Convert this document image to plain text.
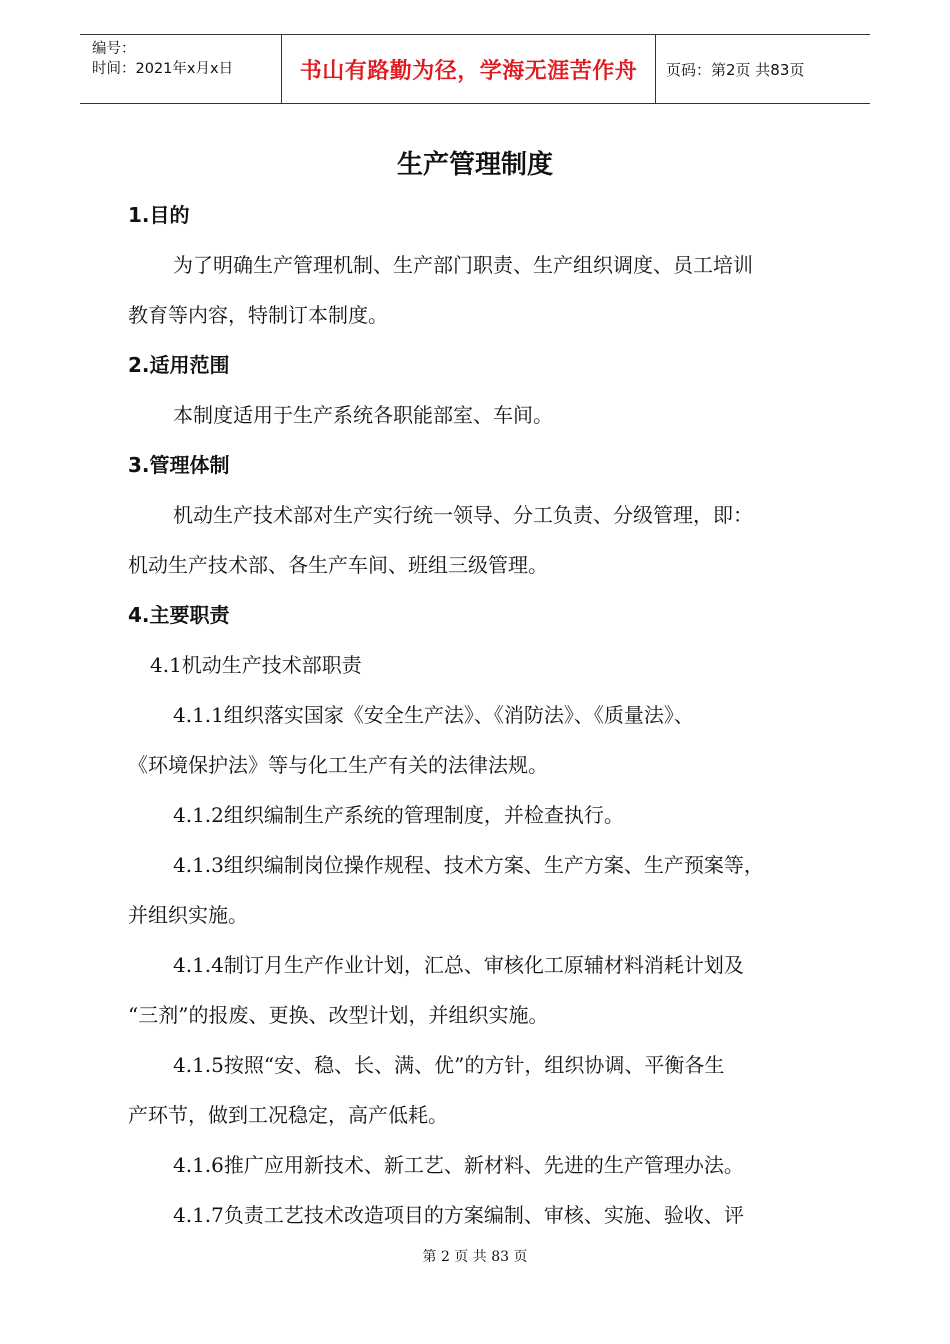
编号：
时间：2021年x月x日	书山有路勤为径，学海无涯苦作舟	页码：第2页 共83页
生产管理制度
1.目的
为了明确生产管理机制、生产部门职责、生产组织调度、员工培训
教育等内容，特制订本制度。
2.适用范围
本制度适用于生产系统各职能部室、车间。
3.管理体制
机动生产技术部对生产实行统一领导、分工负责、分级管理，即：
机动生产技术部、各生产车间、班组三级管理。
4.主要职责
4.1机动生产技术部职责
4.1.1组织落实国家《安全生产法》、《消防法》、《质量法》、
《环境保护法》等与化工生产有关的法律法规。
4.1.2组织编制生产系统的管理制度，并检查执行。
4.1.3组织编制岗位操作规程、技术方案、生产方案、生产预案等，
并组织实施。
4.1.4制订月生产作业计划，汇总、审核化工原辅材料消耗计划及
“三剂”的报废、更换、改型计划，并组织实施。
4.1.5按照“安、稳、长、满、优”的方针，组织协调、平衡各生
产环节，做到工况稳定，高产低耗。
4.1.6推广应用新技术、新工艺、新材料、先进的生产管理办法。
4.1.7负责工艺技术改造项目的方案编制、审核、实施、验收、评
第 2 页 共 83 页
